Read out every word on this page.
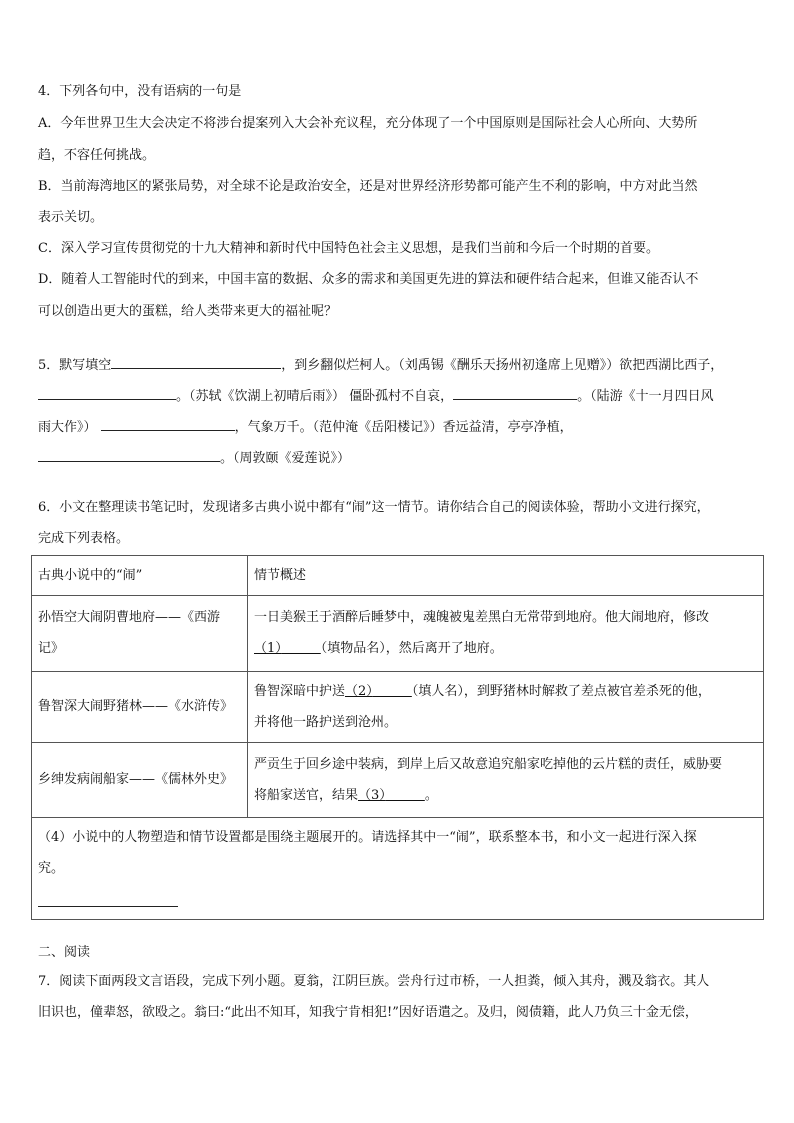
4．下列各句中，没有语病的一句是
A．今年世界卫生大会决定不将涉台提案列入大会补充议程，充分体现了一个中国原则是国际社会人心所向、大势所
趋，不容任何挑战。
B．当前海湾地区的紧张局势，对全球不论是政治安全，还是对世界经济形势都可能产生不利的影响，中方对此当然
表示关切。
C．深入学习宣传贯彻党的十九大精神和新时代中国特色社会主义思想，是我们当前和今后一个时期的首要。
D．随着人工智能时代的到来，中国丰富的数据、众多的需求和美国更先进的算法和硬件结合起来，但谁又能否认不
可以创造出更大的蛋糕，给人类带来更大的福祉呢？
5．默写填空	，到乡翻似烂柯人。（刘禹锡《酬乐天扬州初逢席上见赠》）欲把西湖比西子，
。（苏轼《饮湖上初晴后雨》） 僵卧孤村不自哀，	。（陆游《十一月四日风
雨大作》）	，气象万千。（范仲淹《岳阳楼记》）香远益清，亭亭净植，
。（周敦颐《爱莲说》）
6．小文在整理读书笔记时，发现诸多古典小说中都有“闹”这一情节。请你结合自己的阅读体验，帮助小文进行探究，
完成下列表格。
古典小说中的“闹”	情节概述

孙悟空大闹阴曹地府——《西游
记》	一日美猴王于酒醉后睡梦中，魂魄被鬼差黑白无常带到地府。他大闹地府，修改
（1）　　　 （填物品名），然后离开了地府。

鲁智深大闹野猪林——《水浒传》	鲁智深暗中护送（2）　　　 （填人名），到野猪林时解救了差点被官差杀死的他，
并将他一路护送到沧州。

乡绅发病闹船家——《儒林外史》	严贡生于回乡途中装病，到岸上后又故意追究船家吃掉他的云片糕的责任，威胁要
将船家送官，结果（3）　　　 。

（4）小说中的人物塑造和情节设置都是围绕主题展开的。请选择其中一“闹”，联系整本书，和小文一起进行深入探
究。	
二、阅读
7．阅读下面两段文言语段，完成下列小题。夏翁，江阴巨族。尝舟行过市桥，一人担粪，倾入其舟，溅及翁衣。其人
旧识也，僮辈怒，欲殴之。翁曰:“此出不知耳，知我宁肯相犯!”因好语遣之。及归，阅债籍，此人乃负三十金无偿，
